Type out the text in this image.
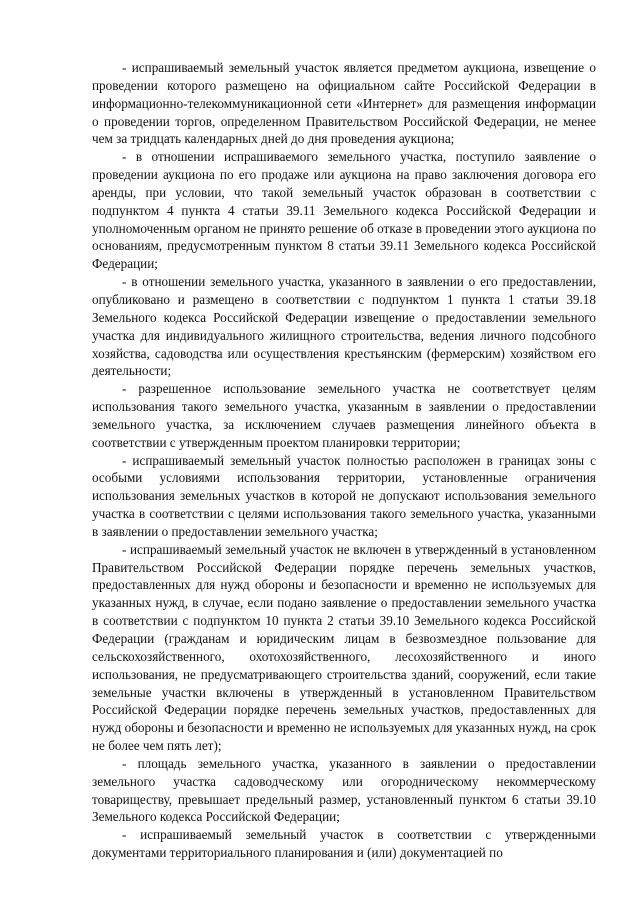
- испрашиваемый земельный участок является предметом аукциона, извещение о проведении которого размещено на официальном сайте Российской Федерации в информационно-телекоммуникационной сети «Интернет» для размещения информации о проведении торгов, определенном Правительством Российской Федерации, не менее чем за тридцать календарных дней до дня проведения аукциона;

- в отношении испрашиваемого земельного участка, поступило заявление о проведении аукциона по его продаже или аукциона на право заключения договора его аренды, при условии, что такой земельный участок образован в соответствии с подпунктом 4 пункта 4 статьи 39.11 Земельного кодекса Российской Федерации и уполномоченным органом не принято решение об отказе в проведении этого аукциона по основаниям, предусмотренным пунктом 8 статьи 39.11 Земельного кодекса Российской Федерации;

- в отношении земельного участка, указанного в заявлении о его предоставлении, опубликовано и размещено в соответствии с подпунктом 1 пункта 1 статьи 39.18 Земельного кодекса Российской Федерации извещение о предоставлении земельного участка для индивидуального жилищного строительства, ведения личного подсобного хозяйства, садоводства или осуществления крестьянским (фермерским) хозяйством его деятельности;

- разрешенное использование земельного участка не соответствует целям использования такого земельного участка, указанным в заявлении о предоставлении земельного участка, за исключением случаев размещения линейного объекта в соответствии с утвержденным проектом планировки территории;

- испрашиваемый земельный участок полностью расположен в границах зоны с особыми условиями использования территории, установленные ограничения использования земельных участков в которой не допускают использования земельного участка в соответствии с целями использования такого земельного участка, указанными в заявлении о предоставлении земельного участка;

- испрашиваемый земельный участок не включен в утвержденный в установленном Правительством Российской Федерации порядке перечень земельных участков, предоставленных для нужд обороны и безопасности и временно не используемых для указанных нужд, в случае, если подано заявление о предоставлении земельного участка в соответствии с подпунктом 10 пункта 2 статьи 39.10 Земельного кодекса Российской Федерации (гражданам и юридическим лицам в безвозмездное пользование для сельскохозяйственного, охотохозяйственного, лесохозяйственного и иного использования, не предусматривающего строительства зданий, сооружений, если такие земельные участки включены в утвержденный в установленном Правительством Российской Федерации порядке перечень земельных участков, предоставленных для нужд обороны и безопасности и временно не используемых для указанных нужд, на срок не более чем пять лет);

- площадь земельного участка, указанного в заявлении о предоставлении земельного участка садоводческому или огородническому некоммерческому товариществу, превышает предельный размер, установленный пунктом 6 статьи 39.10 Земельного кодекса Российской Федерации;

- испрашиваемый земельный участок в соответствии с утвержденными документами территориального планирования и (или) документацией по
